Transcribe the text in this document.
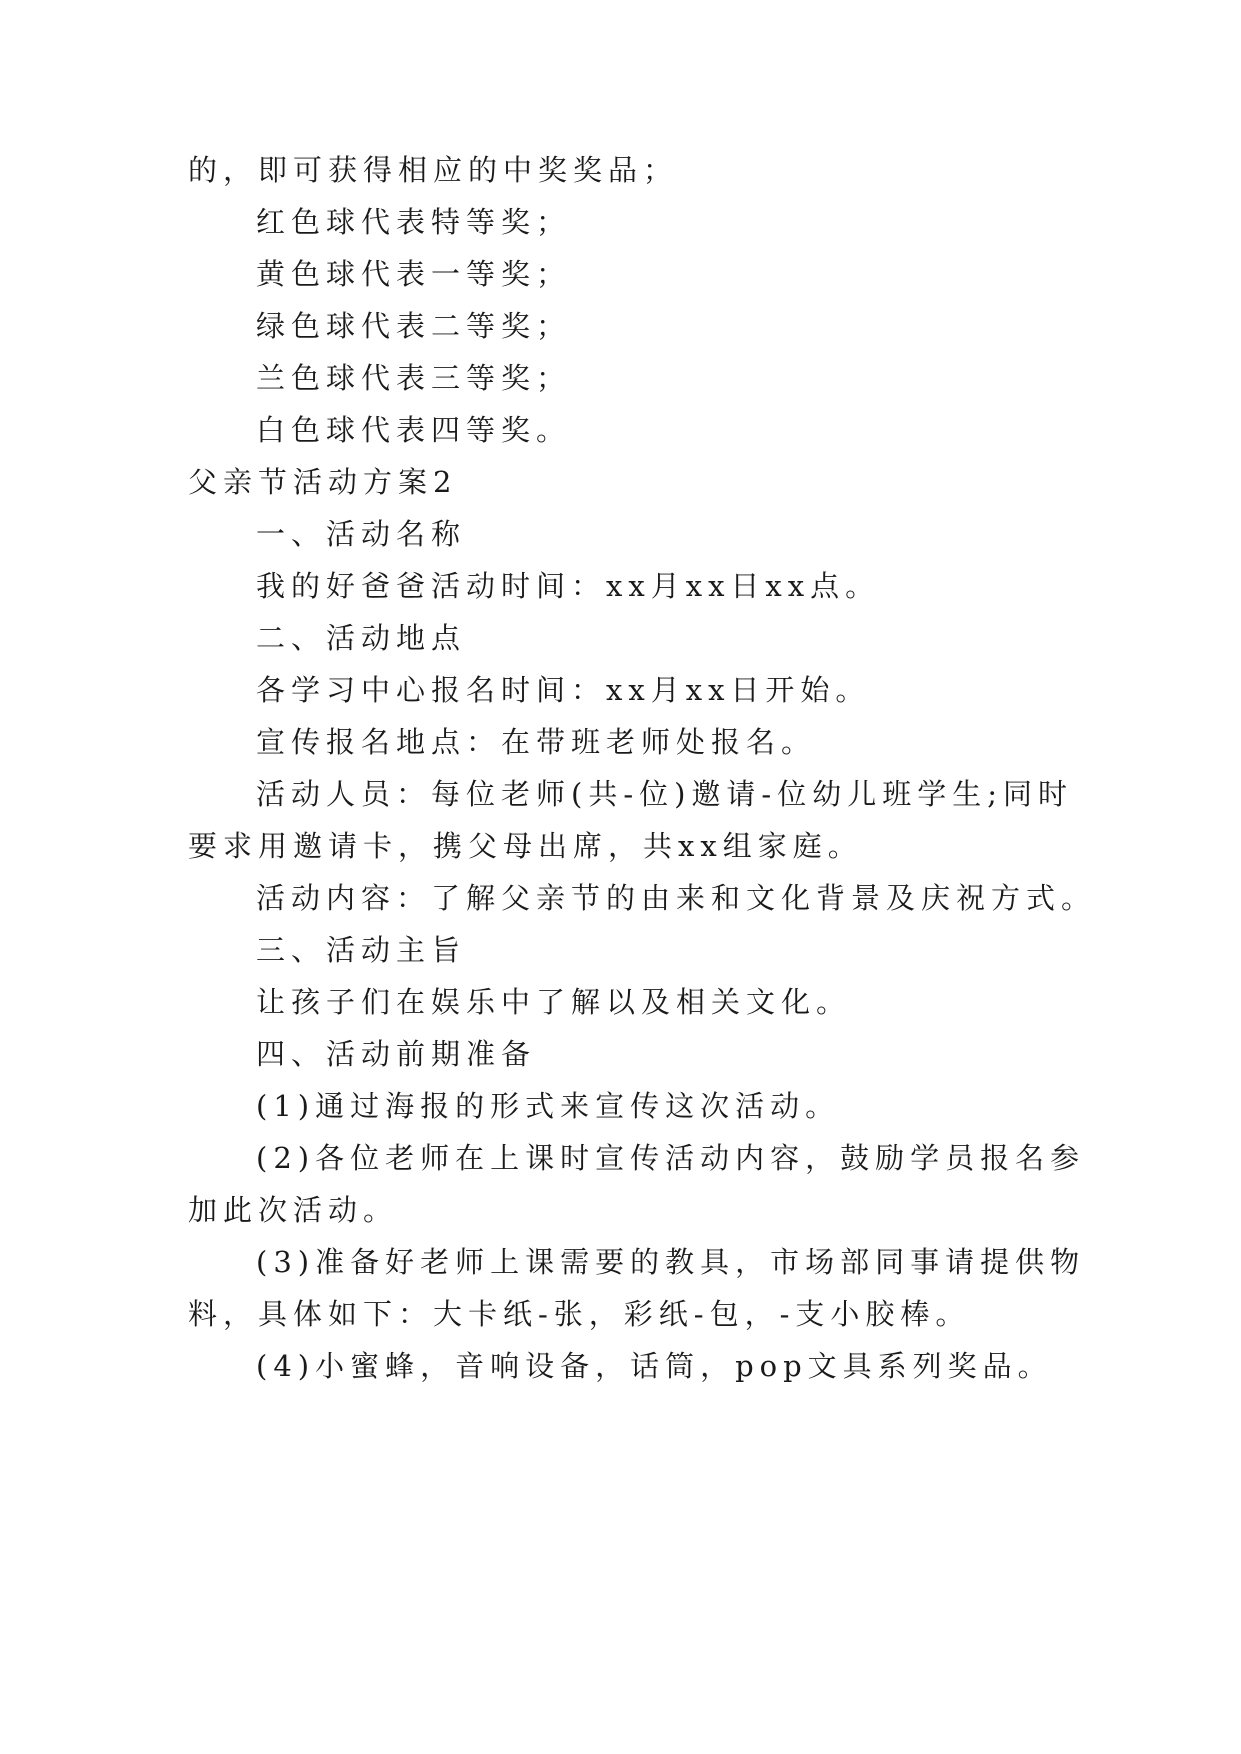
的，即可获得相应的中奖奖品；
红色球代表特等奖；
黄色球代表一等奖；
绿色球代表二等奖；
兰色球代表三等奖；
白色球代表四等奖。
父亲节活动方案2
一、活动名称
我的好爸爸活动时间：xx月xx日xx点。
二、活动地点
各学习中心报名时间：xx月xx日开始。
宣传报名地点：在带班老师处报名。
活动人员：每位老师(共-位)邀请-位幼儿班学生;同时
要求用邀请卡，携父母出席，共xx组家庭。
活动内容：了解父亲节的由来和文化背景及庆祝方式。
三、活动主旨
让孩子们在娱乐中了解以及相关文化。
四、活动前期准备
(1)通过海报的形式来宣传这次活动。
(2)各位老师在上课时宣传活动内容，鼓励学员报名参
加此次活动。
(3)准备好老师上课需要的教具，市场部同事请提供物
料，具体如下：大卡纸-张，彩纸-包，-支小胶棒。
(4)小蜜蜂，音响设备，话筒，pop文具系列奖品。
